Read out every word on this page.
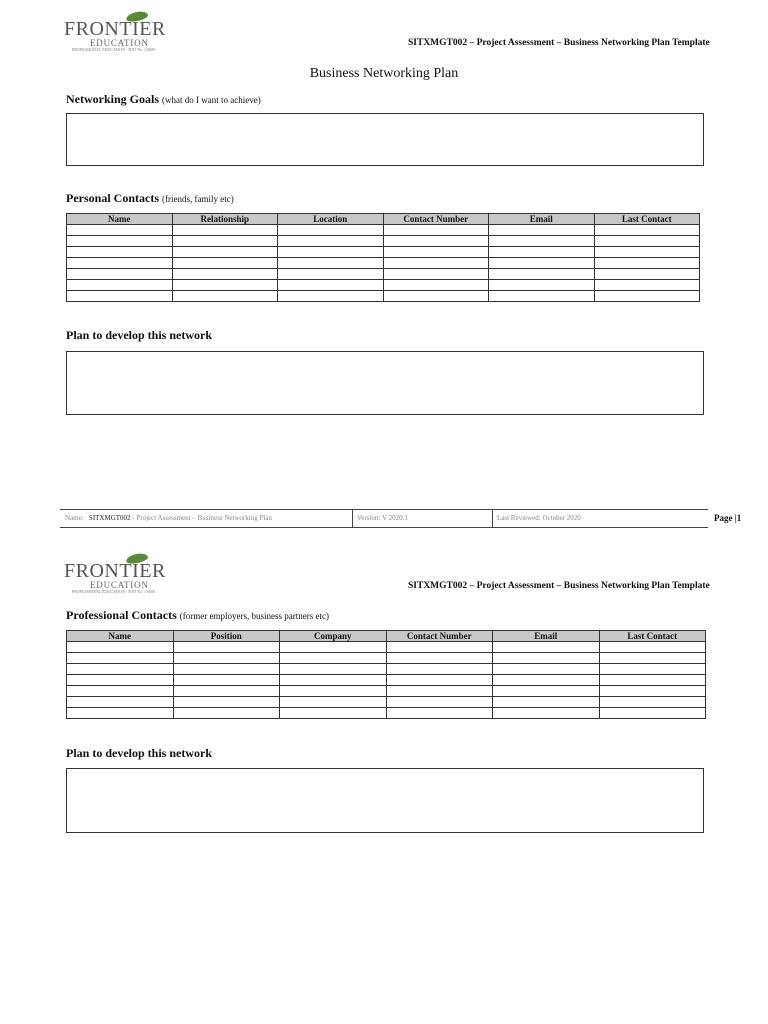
FRONTIER
EDUCATION
PROFESSIONAL EDUCATION · RTO No. 1 0000
SITXMGT002 – Project Assessment – Business Networking Plan Template
Business Networking Plan
Networking Goals (what do I want to achieve)
Personal Contacts (friends, family etc)
Name	Relationship	Location	Contact Number	Email	Last Contact

Plan to develop this network
Name: SITXMGT002 - Project Assessment – Business Networking Plan	Version: V 2020.1	Last Reviewed: October 2020	Page |1
FRONTIER
EDUCATION
PROFESSIONAL EDUCATION · RTO No. 1 0000
SITXMGT002 – Project Assessment – Business Networking Plan Template
Professional Contacts (former employers, business partners etc)
Name	Position	Company	Contact Number	Email	Last Contact

Plan to develop this network
